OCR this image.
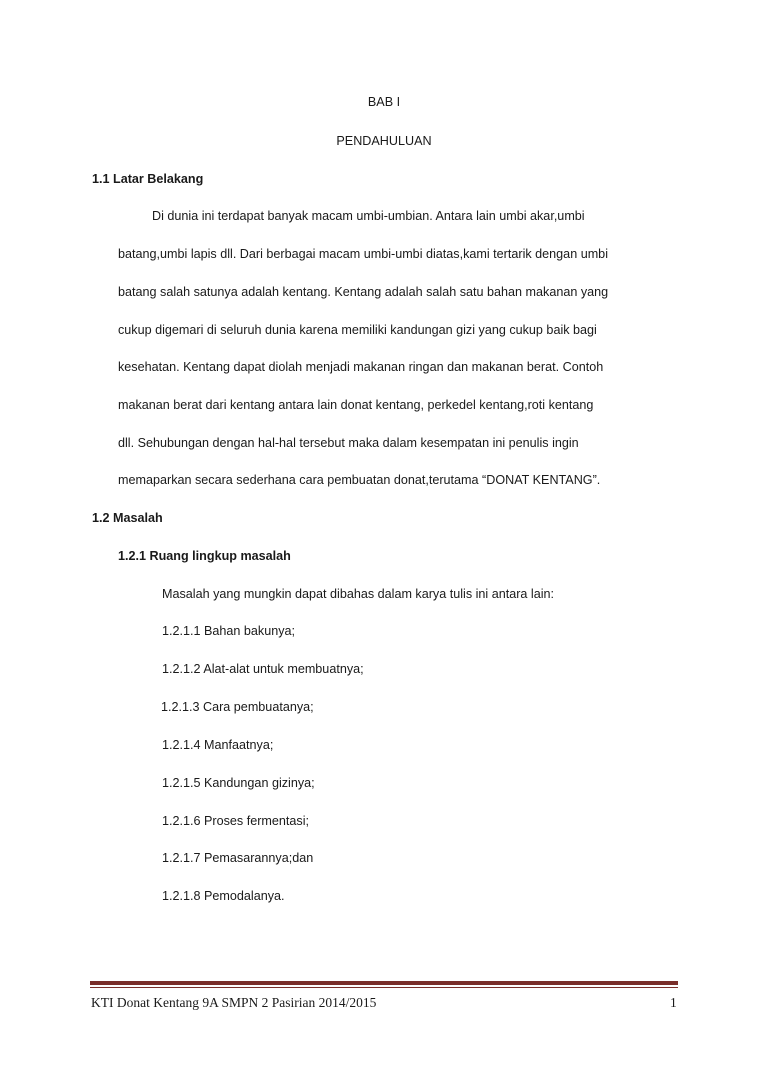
BAB I
PENDAHULUAN
1.1 Latar Belakang
Di dunia ini terdapat banyak macam umbi-umbian. Antara lain umbi akar,umbi
batang,umbi lapis dll. Dari berbagai macam umbi-umbi diatas,kami tertarik dengan umbi
batang salah satunya adalah kentang. Kentang adalah salah satu bahan makanan yang
cukup digemari di seluruh dunia karena memiliki kandungan gizi yang cukup baik bagi
kesehatan. Kentang dapat diolah menjadi makanan ringan dan makanan berat. Contoh
makanan berat dari kentang antara lain donat kentang, perkedel kentang,roti kentang
dll. Sehubungan dengan hal-hal tersebut maka dalam kesempatan ini penulis ingin
memaparkan secara sederhana cara pembuatan donat,terutama “DONAT KENTANG”.
1.2 Masalah
1.2.1 Ruang lingkup masalah
Masalah yang mungkin dapat dibahas dalam karya tulis ini antara lain:
1.2.1.1 Bahan bakunya;
1.2.1.2 Alat-alat untuk membuatnya;
1.2.1.3 Cara pembuatanya;
1.2.1.4 Manfaatnya;
1.2.1.5 Kandungan gizinya;
1.2.1.6 Proses fermentasi;
1.2.1.7 Pemasarannya;dan
1.2.1.8 Pemodalanya.
KTI Donat Kentang 9A SMPN 2 Pasirian 2014/2015	1
